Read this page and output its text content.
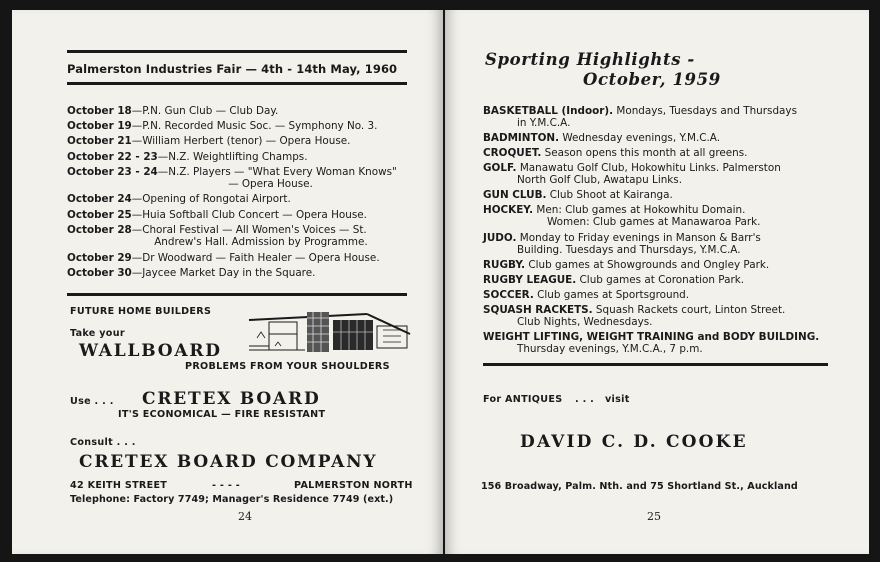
Palmerston Industries Fair — 4th - 14th May, 1960
October 18 — P.N. Gun Club — Club Day.
October 19 — P.N. Recorded Music Soc. — Symphony No. 3.
October 21 — William Herbert (tenor) — Opera House.
October 22 - 23 — N.Z. Weightlifting Champs.
October 23 - 24 — N.Z. Players — "What Every Woman Knows"
— Opera House.
October 24 — Opening of Rongotai Airport.
October 25 — Huia Softball Club Concert — Opera House.
October 28 — Choral Festival — All Women's Voices — St.
Andrew's Hall. Admission by Programme.
October 29 — Dr Woodward — Faith Healer — Opera House.
October 30 — Jaycee Market Day in the Square.
FUTURE HOME BUILDERS
Take your
WALLBOARD
PROBLEMS FROM YOUR SHOULDERS
Use . . . CRETEX BOARD
IT'S ECONOMICAL — FIRE RESISTANT
Consult . . .
CRETEX BOARD COMPANY
42 KEITH STREET	- - - -	PALMERSTON NORTH
Telephone: Factory 7749; Manager's Residence 7749 (ext.)
24
Sporting Highlights -
October, 1959
BASKETBALL (Indoor). Mondays, Tuesdays and Thursdays
in Y.M.C.A.
BADMINTON. Wednesday evenings, Y.M.C.A.
CROQUET. Season opens this month at all greens.
GOLF. Manawatu Golf Club, Hokowhitu Links. Palmerston
North Golf Club, Awatapu Links.
GUN CLUB. Club Shoot at Kairanga.
HOCKEY. Men: Club games at Hokowhitu Domain.
Women: Club games at Manawaroa Park.
JUDO. Monday to Friday evenings in Manson & Barr's
Building. Tuesdays and Thursdays, Y.M.C.A.
RUGBY. Club games at Showgrounds and Ongley Park.
RUGBY LEAGUE. Club games at Coronation Park.
SOCCER. Club games at Sportsground.
SQUASH RACKETS. Squash Rackets court, Linton Street.
Club Nights, Wednesdays.
WEIGHT LIFTING, WEIGHT TRAINING and BODY BUILDING.
Thursday evenings, Y.M.C.A., 7 p.m.
For ANTIQUES . . . visit
DAVID C. D. COOKE
156 Broadway, Palm. Nth. and 75 Shortland St., Auckland
25
